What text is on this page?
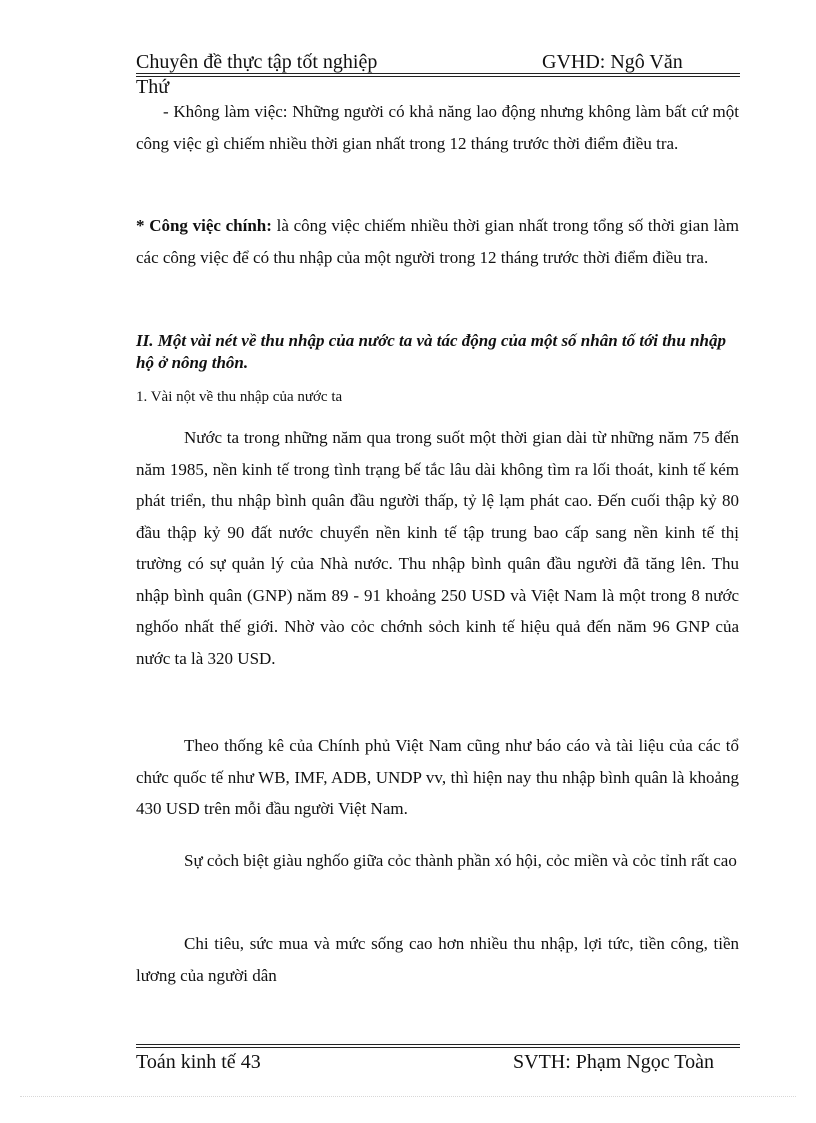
Chuyên đề thực tập tốt nghiệp	GVHD: Ngô Văn
Thứ

- Không làm việc: Những người có khả năng lao động nhưng không làm bất cứ một công việc gì chiếm nhiều thời gian nhất trong 12 tháng trước thời điểm điều tra.

* Công việc chính: là công việc chiếm nhiều thời gian nhất trong tổng số thời gian làm các công việc để có thu nhập của một người trong 12 tháng trước thời điểm điều tra.

II. Một vài nét về thu nhập của nước ta và tác động của một số nhân tố tới thu nhập hộ ở nông thôn.

1. Vài nột về thu nhập của nước ta

Nước ta trong những năm qua trong suốt một thời gian dài từ những năm 75 đến năm 1985, nền kinh tế trong tình trạng bế tắc lâu dài không tìm ra lối thoát, kinh tế kém phát triển, thu nhập bình quân đầu người thấp, tỷ lệ lạm phát cao. Đến cuối thập kỷ 80 đầu thập kỷ 90 đất nước chuyển nền kinh tế tập trung bao cấp sang nền kinh tế thị trường có sự quản lý của Nhà nước. Thu nhập bình quân đầu người đã tăng lên. Thu nhập bình quân (GNP) năm 89 - 91 khoảng 250 USD và Việt Nam là một trong 8 nước nghốo nhất thế giới. Nhờ vào cỏc chớnh sỏch kinh tế hiệu quả đến năm 96 GNP của nước ta là 320 USD.

Theo thống kê của Chính phủ Việt Nam cũng như báo cáo và tài liệu của các tổ chức quốc tế như WB, IMF, ADB, UNDP vv, thì hiện nay thu nhập bình quân là khoảng 430 USD trên mỗi đầu người Việt Nam.

Sự cỏch biệt giàu nghốo giữa cỏc thành phần xó hội, cỏc miền và cỏc tỉnh rất cao

Chi tiêu, sức mua và mức sống cao hơn nhiều thu nhập, lợi tức, tiền công, tiền lương của người dân

Toán kinh tế 43	SVTH: Phạm Ngọc Toàn
